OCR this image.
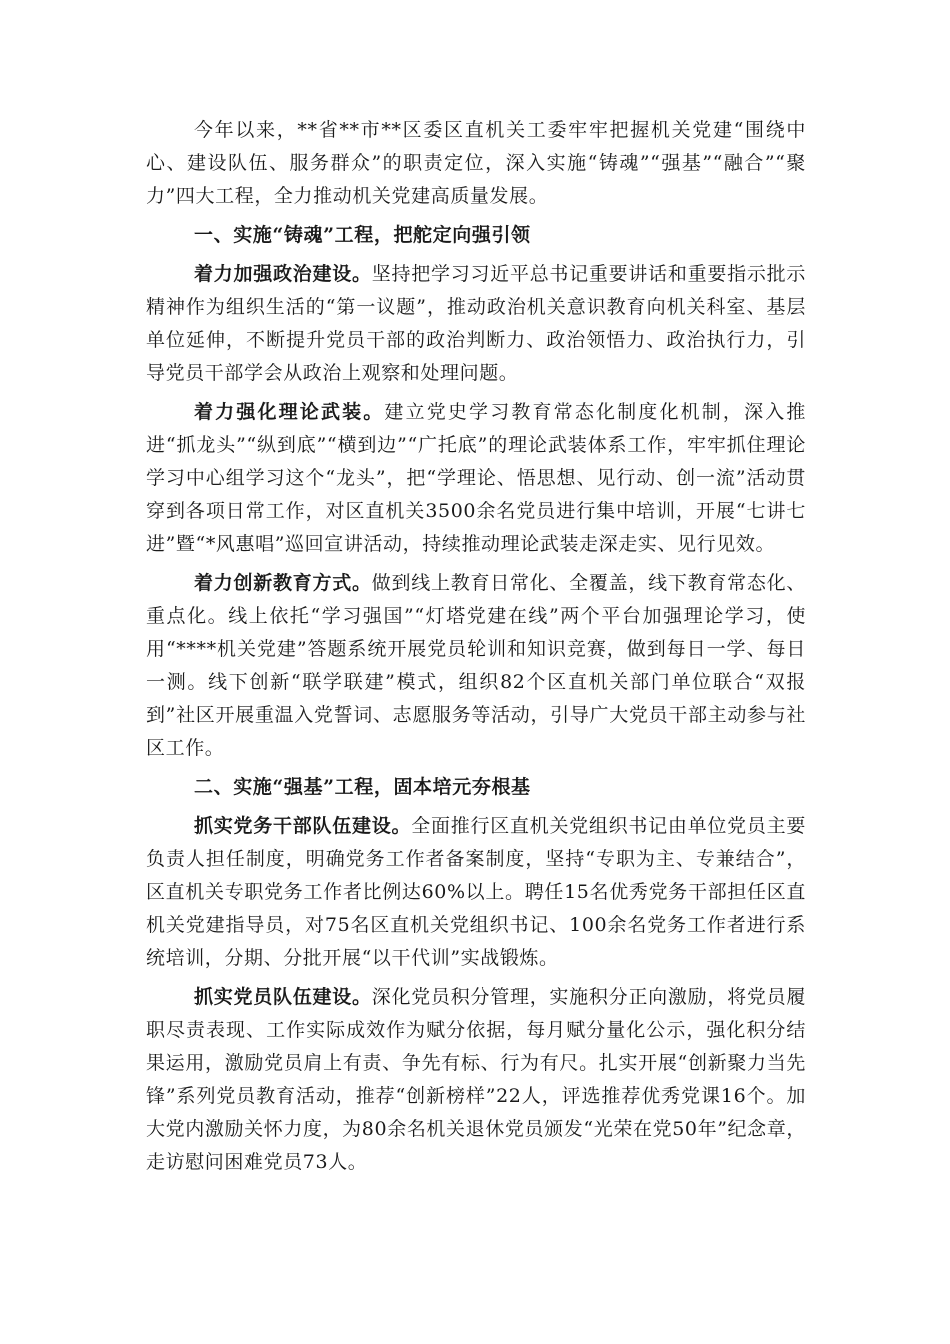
今年以来，**省**市**区委区直机关工委牢牢把握机关党建“围绕中心、建设队伍、服务群众”的职责定位，深入实施“铸魂”“强基”“融合”“聚力”四大工程，全力推动机关党建高质量发展。

一、实施“铸魂”工程，把舵定向强引领

着力加强政治建设。坚持把学习习近平总书记重要讲话和重要指示批示精神作为组织生活的“第一议题”，推动政治机关意识教育向机关科室、基层单位延伸，不断提升党员干部的政治判断力、政治领悟力、政治执行力，引导党员干部学会从政治上观察和处理问题。

着力强化理论武装。建立党史学习教育常态化制度化机制，深入推进“抓龙头”“纵到底”“横到边”“广托底”的理论武装体系工作，牢牢抓住理论学习中心组学习这个“龙头”，把“学理论、悟思想、见行动、创一流”活动贯穿到各项日常工作，对区直机关3500余名党员进行集中培训，开展“七讲七进”暨“*风惠唱”巡回宣讲活动，持续推动理论武装走深走实、见行见效。

着力创新教育方式。做到线上教育日常化、全覆盖，线下教育常态化、重点化。线上依托“学习强国”“灯塔党建在线”两个平台加强理论学习，使用“****机关党建”答题系统开展党员轮训和知识竞赛，做到每日一学、每日一测。线下创新“联学联建”模式，组织82个区直机关部门单位联合“双报到”社区开展重温入党誓词、志愿服务等活动，引导广大党员干部主动参与社区工作。

二、实施“强基”工程，固本培元夯根基

抓实党务干部队伍建设。全面推行区直机关党组织书记由单位党员主要负责人担任制度，明确党务工作者备案制度，坚持“专职为主、专兼结合”，区直机关专职党务工作者比例达60%以上。聘任15名优秀党务干部担任区直机关党建指导员，对75名区直机关党组织书记、100余名党务工作者进行系统培训，分期、分批开展“以干代训”实战锻炼。

抓实党员队伍建设。深化党员积分管理，实施积分正向激励，将党员履职尽责表现、工作实际成效作为赋分依据，每月赋分量化公示，强化积分结果运用，激励党员肩上有责、争先有标、行为有尺。扎实开展“创新聚力当先锋”系列党员教育活动，推荐“创新榜样”22人，评选推荐优秀党课16个。加大党内激励关怀力度，为80余名机关退休党员颁发“光荣在党50年”纪念章，走访慰问困难党员73人。
